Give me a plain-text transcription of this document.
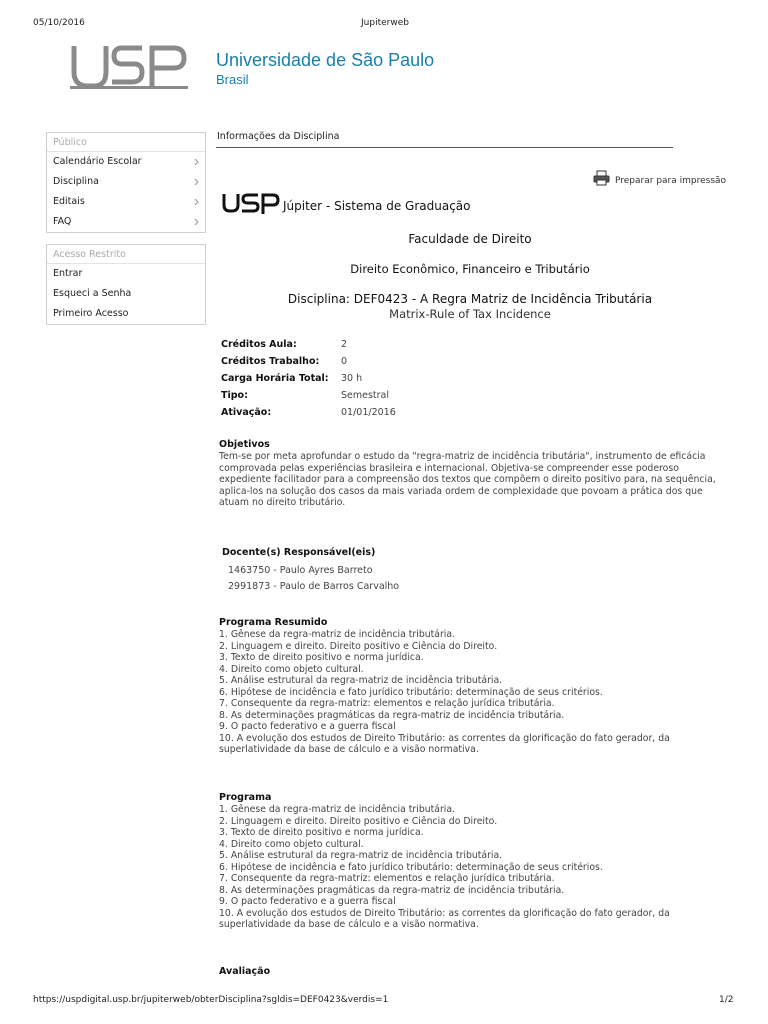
05/10/2016	Jupiterweb
Universidade de São Paulo
Brasil
Público
Calendário Escolar
Disciplina
Editais
FAQ
Acesso Restrito
Entrar
Esqueci a Senha
Primeiro Acesso
Informações da Disciplina
Preparar para impressão
Júpiter - Sistema de Graduação
Faculdade de Direito
Direito Econômico, Financeiro e Tributário
Disciplina: DEF0423 - A Regra Matriz de Incidência Tributária
Matrix-Rule of Tax Incidence
Créditos Aula:	2
Créditos Trabalho:	0
Carga Horária Total:	30 h
Tipo:	Semestral
Ativação:	01/01/2016
Objetivos
Tem-se por meta aprofundar o estudo da "regra-matriz de incidência tributária", instrumento de eficácia comprovada pelas experiências brasileira e internacional. Objetiva-se compreender esse poderoso expediente facilitador para a compreensão dos textos que compõem o direito positivo para, na sequência, aplica-los na solução dos casos da mais variada ordem de complexidade que povoam a prática dos que atuam no direito tributário.
Docente(s) Responsável(eis)
1463750 - Paulo Ayres Barreto
2991873 - Paulo de Barros Carvalho
Programa Resumido
1. Gênese da regra-matriz de incidência tributária.
2. Linguagem e direito. Direito positivo e Ciência do Direito.
3. Texto de direito positivo e norma jurídica.
4. Direito como objeto cultural.
5. Análise estrutural da regra-matriz de incidência tributária.
6. Hipótese de incidência e fato jurídico tributário: determinação de seus critérios.
7. Consequente da regra-matriz: elementos e relação jurídica tributária.
8. As determinações pragmáticas da regra-matriz de incidência tributária.
9. O pacto federativo e a guerra fiscal
10. A evolução dos estudos de Direito Tributário: as correntes da glorificação do fato gerador, da superlatividade da base de cálculo e a visão normativa.
Programa
1. Gênese da regra-matriz de incidência tributária.
2. Linguagem e direito. Direito positivo e Ciência do Direito.
3. Texto de direito positivo e norma jurídica.
4. Direito como objeto cultural.
5. Análise estrutural da regra-matriz de incidência tributária.
6. Hipótese de incidência e fato jurídico tributário: determinação de seus critérios.
7. Consequente da regra-matriz: elementos e relação jurídica tributária.
8. As determinações pragmáticas da regra-matriz de incidência tributária.
9. O pacto federativo e a guerra fiscal
10. A evolução dos estudos de Direito Tributário: as correntes da glorificação do fato gerador, da superlatividade da base de cálculo e a visão normativa.
Avaliação
https://uspdigital.usp.br/jupiterweb/obterDisciplina?sgldis=DEF0423&verdis=1	1/2
